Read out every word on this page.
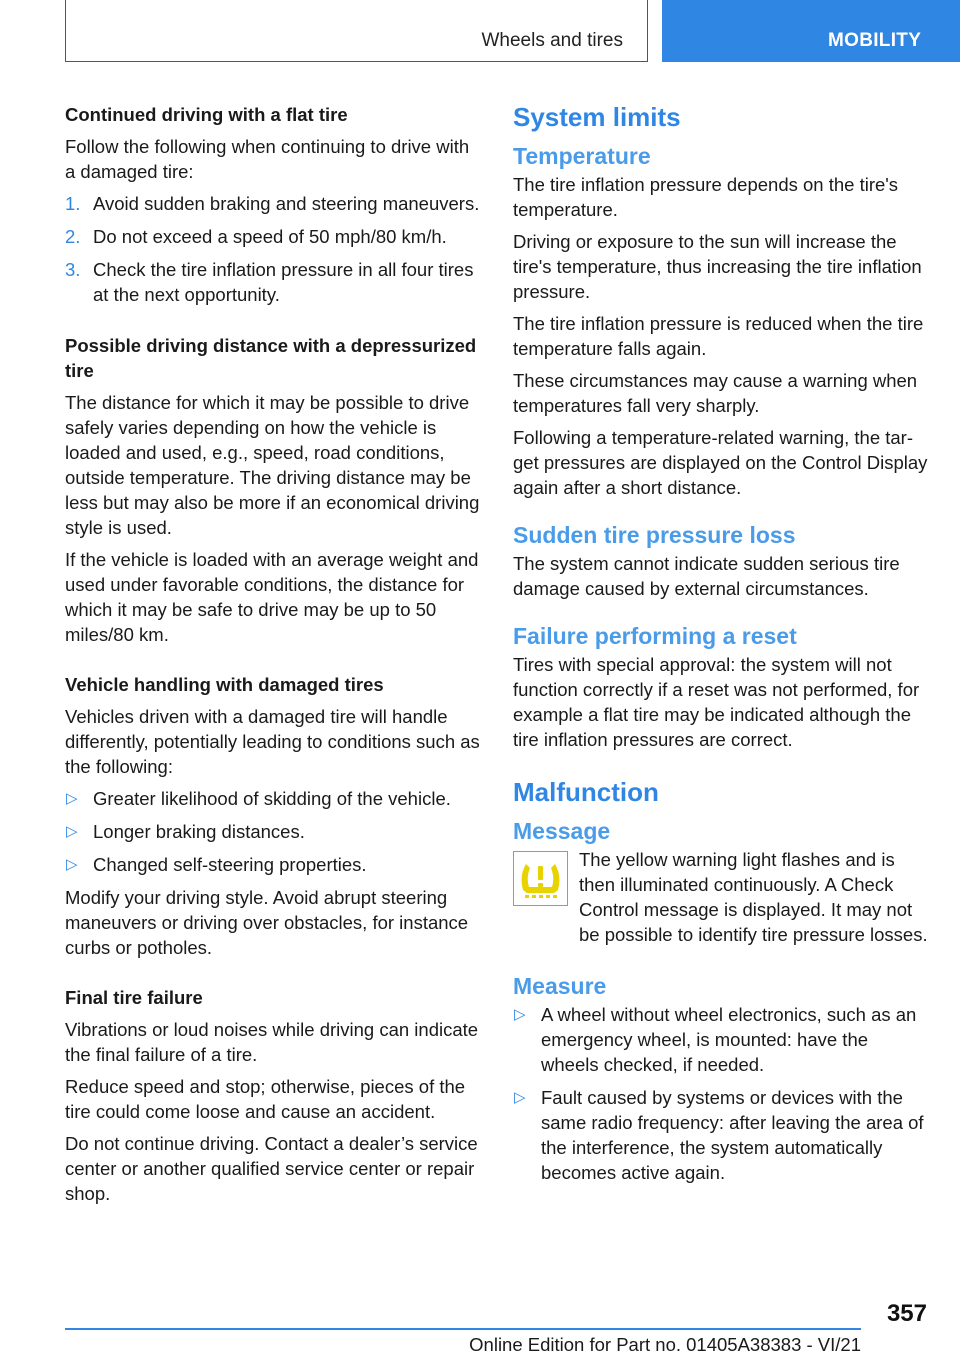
Wheels and tires	MOBILITY
Continued driving with a flat tire

Follow the following when continuing to drive with a damaged tire:

1. Avoid sudden braking and steering maneuvers.
2. Do not exceed a speed of 50 mph/80 km/h.
3. Check the tire inflation pressure in all four tires at the next opportunity.
Possible driving distance with a depressurized tire

The distance for which it may be possible to drive safely varies depending on how the vehicle is loaded and used, e.g., speed, road conditions, outside temperature. The driving distance may be less but may also be more if an economical driving style is used.

If the vehicle is loaded with an average weight and used under favorable conditions, the distance for which it may be safe to drive may be up to 50 miles/80 km.

Vehicle handling with damaged tires

Vehicles driven with a damaged tire will handle differently, potentially leading to conditions such as the following:

▷ Greater likelihood of skidding of the vehicle.
▷ Longer braking distances.
▷ Changed self-steering properties.

Modify your driving style. Avoid abrupt steering maneuvers or driving over obstacles, for instance curbs or potholes.

Final tire failure

Vibrations or loud noises while driving can indicate the final failure of a tire.

Reduce speed and stop; otherwise, pieces of the tire could come loose and cause an accident.

Do not continue driving. Contact a dealer’s service center or another qualified service center or repair shop.

System limits
Temperature

The tire inflation pressure depends on the tire's temperature.

Driving or exposure to the sun will increase the tire's temperature, thus increasing the tire inflation pressure.

The tire inflation pressure is reduced when the tire temperature falls again.

These circumstances may cause a warning when temperatures fall very sharply.

Following a temperature-related warning, the target pressures are displayed on the Control Display again after a short distance.

Sudden tire pressure loss

The system cannot indicate sudden serious tire damage caused by external circumstances.

Failure performing a reset

Tires with special approval: the system will not function correctly if a reset was not performed, for example a flat tire may be indicated although the tire inflation pressures are correct.

Malfunction
Message

The yellow warning light flashes and is then illuminated continuously. A Check Control message is displayed. It may not be possible to identify tire pressure losses.

Measure
▷ A wheel without wheel electronics, such as an emergency wheel, is mounted: have the wheels checked, if needed.
▷ Fault caused by systems or devices with the same radio frequency: after leaving the area of the interference, the system automatically becomes active again.
357
Online Edition for Part no. 01405A38383 - VI/21
